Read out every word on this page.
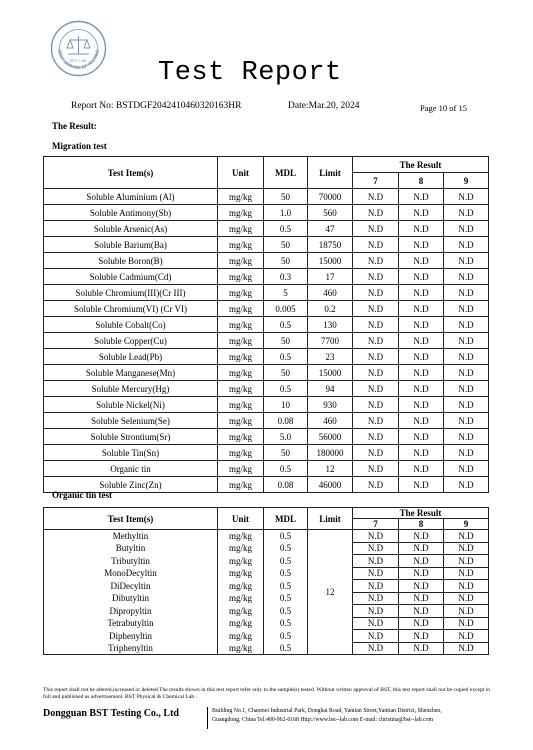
BEST SERVICE OF TESTING
BST LAB	Test Report
Report No: BSTDGF2042410460320163HR	Date:Mar.20, 2024	Page 10 of 15
The Result:
Migration test
Test Item(s)	Unit	MDL	Limit	The Result		
				7	8	9
Soluble Aluminium (Al)	mg/kg	50	70000	N.D	N.D	N.D
Soluble Antimony(Sb)	mg/kg	1.0	560	N.D	N.D	N.D
Soluble Arsenic(As)	mg/kg	0.5	47	N.D	N.D	N.D
Soluble Barium(Ba)	mg/kg	50	18750	N.D	N.D	N.D
Soluble Boron(B)	mg/kg	50	15000	N.D	N.D	N.D
Soluble Cadmium(Cd)	mg/kg	0.3	17	N.D	N.D	N.D
Soluble Chromium(III)(Cr III)	mg/kg	5	460	N.D	N.D	N.D
Soluble Chromium(VI) (Cr VI)	mg/kg	0.005	0.2	N.D	N.D	N.D
Soluble Cobalt(Co)	mg/kg	0.5	130	N.D	N.D	N.D
Soluble Copper(Cu)	mg/kg	50	7700	N.D	N.D	N.D
Soluble Lead(Pb)	mg/kg	0.5	23	N.D	N.D	N.D
Soluble Manganese(Mn)	mg/kg	50	15000	N.D	N.D	N.D
Soluble Mercury(Hg)	mg/kg	0.5	94	N.D	N.D	N.D
Soluble Nickel(Ni)	mg/kg	10	930	N.D	N.D	N.D
Soluble Selenium(Se)	mg/kg	0.08	460	N.D	N.D	N.D
Soluble Strontium(Sr)	mg/kg	5.0	56000	N.D	N.D	N.D
Soluble Tin(Sn)	mg/kg	50	180000	N.D	N.D	N.D
Organic tin	mg/kg	0.5	12	N.D	N.D	N.D
Soluble Zinc(Zn)	mg/kg	0.08	46000	N.D	N.D	N.D
Organic tin test
Test Item(s)	Unit	MDL	Limit	The Result		
				7	8	9
Methyltin	mg/kg	0.5	12	N.D	N.D	N.D
Butyltin	mg/kg	0.5		N.D	N.D	N.D
Tributyltin	mg/kg	0.5		N.D	N.D	N.D
MonoDecyltin	mg/kg	0.5		N.D	N.D	N.D
DiDecyltin	mg/kg	0.5		N.D	N.D	N.D
Dibutyltin	mg/kg	0.5		N.D	N.D	N.D
Dipropyltin	mg/kg	0.5		N.D	N.D	N.D
Tetrabutyltin	mg/kg	0.5		N.D	N.D	N.D
Diphenyltin	mg/kg	0.5		N.D	N.D	N.D
Triphenyltin	mg/kg	0.5		N.D	N.D	N.D
This report shall not be altered,increased or deleted.The results shown in this test report refer only to the sample(s) tested. Without written approval of BST, this test report shall not be copied except in full and published as advertisement. BST Physical & Chemical Lab .
Dongguan BST Testing Co., Ltd	Building No.1, Chaomei Industrial Park, Donghai Road, Yantian Street,Yantian District, Shenzhen,
Guangdong, China Tel:400-962-6168 Http://www.bst--lab.com E-mail: christina@bst--lab.com
